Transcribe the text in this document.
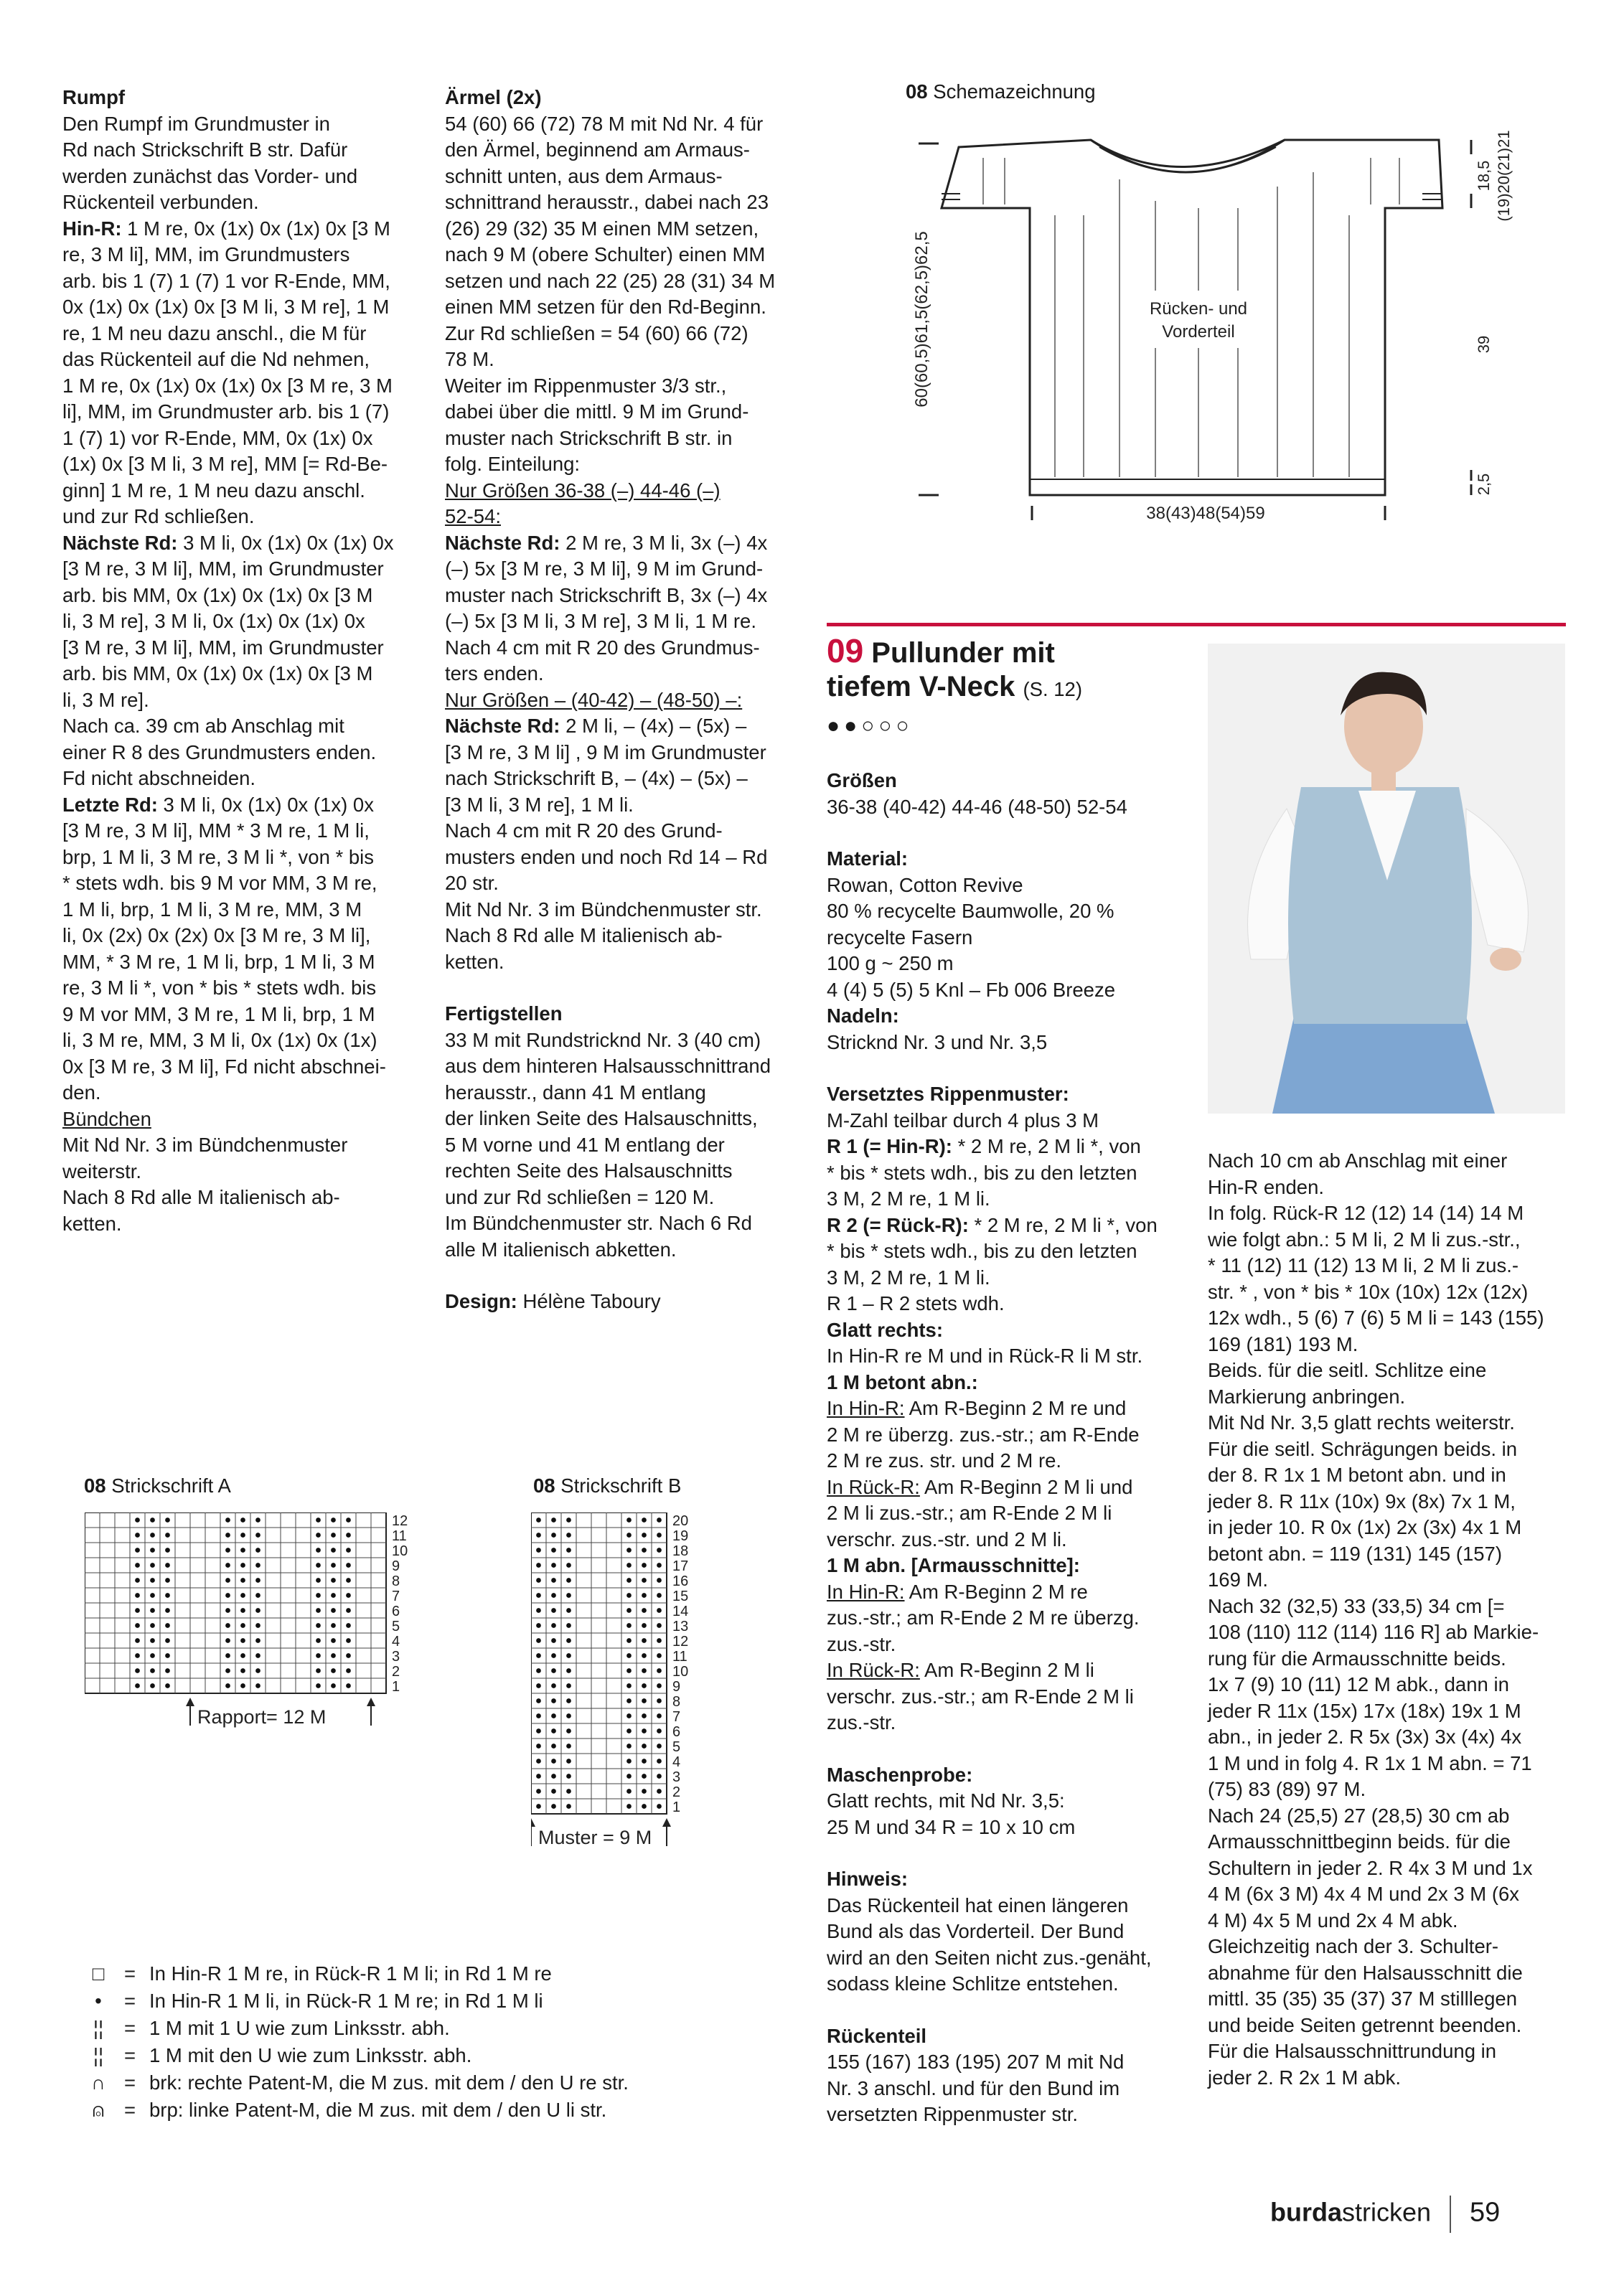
Rumpf

Den Rumpf im Grundmuster in

Rd nach Strickschrift B str. Dafür

werden zunächst das Vorder- und

Rückenteil verbunden.

Hin-R: 1 M re, 0x (1x) 0x (1x) 0x [3 M

re, 3 M li], MM, im Grundmusters

arb. bis 1 (7) 1 (7) 1 vor R-Ende, MM,

0x (1x) 0x (1x) 0x [3 M li, 3 M re], 1 M

re, 1 M neu dazu anschl., die M für

das Rückenteil auf die Nd nehmen,

1 M re, 0x (1x) 0x (1x) 0x [3 M re, 3 M

li], MM, im Grundmuster arb. bis 1 (7)

1 (7) 1) vor R-Ende, MM, 0x (1x) 0x

(1x) 0x [3 M li, 3 M re], MM [= Rd-Be-

ginn] 1 M re, 1 M neu dazu anschl.

und zur Rd schließen.

Nächste Rd: 3 M li, 0x (1x) 0x (1x) 0x

[3 M re, 3 M li], MM, im Grundmuster

arb. bis MM, 0x (1x) 0x (1x) 0x [3 M

li, 3 M re], 3 M li, 0x (1x) 0x (1x) 0x

[3 M re, 3 M li], MM, im Grundmuster

arb. bis MM, 0x (1x) 0x (1x) 0x [3 M

li, 3 M re].

Nach ca. 39 cm ab Anschlag mit

einer R 8 des Grundmusters enden.

Fd nicht abschneiden.

Letzte Rd: 3 M li, 0x (1x) 0x (1x) 0x

[3 M re, 3 M li], MM * 3 M re, 1 M li,

brp, 1 M li, 3 M re, 3 M li *, von * bis

* stets wdh. bis 9 M vor MM, 3 M re,

1 M li, brp, 1 M li, 3 M re, MM, 3 M

li, 0x (2x) 0x (2x) 0x [3 M re, 3 M li],

MM, * 3 M re, 1 M li, brp, 1 M li, 3 M

re, 3 M li *, von * bis * stets wdh. bis

9 M vor MM, 3 M re, 1 M li, brp, 1 M

li, 3 M re, MM, 3 M li, 0x (1x) 0x (1x)

0x [3 M re, 3 M li], Fd nicht abschnei-

den.

Bündchen

Mit Nd Nr. 3 im Bündchenmuster

weiterstr.

Nach 8 Rd alle M italienisch ab-

ketten.

Ärmel (2x)

54 (60) 66 (72) 78 M mit Nd Nr. 4 für

den Ärmel, beginnend am Armaus-

schnitt unten, aus dem Armaus-

schnittrand herausstr., dabei nach 23

(26) 29 (32) 35 M einen MM setzen,

nach 9 M (obere Schulter) einen MM

setzen und nach 22 (25) 28 (31) 34 M

einen MM setzen für den Rd-Beginn.

Zur Rd schließen = 54 (60) 66 (72)

78 M.

Weiter im Rippenmuster 3/3 str.,

dabei über die mittl. 9 M im Grund-

muster nach Strickschrift B str. in

folg. Einteilung:

Nur Größen 36-38 (–) 44-46 (–)

52-54:

Nächste Rd: 2 M re, 3 M li, 3x (–) 4x

(–) 5x [3 M re, 3 M li], 9 M im Grund-

muster nach Strickschrift B, 3x (–) 4x

(–) 5x [3 M li, 3 M re], 3 M li, 1 M re.

Nach 4 cm mit R 20 des Grundmus-

ters enden.

Nur Größen – (40-42) – (48-50) –:

Nächste Rd: 2 M li, – (4x) – (5x) –

[3 M re, 3 M li] , 9 M im Grundmuster

nach Strickschrift B, – (4x) – (5x) –

[3 M li, 3 M re], 1 M li.

Nach 4 cm mit R 20 des Grund-

musters enden und noch Rd 14 – Rd

20 str.

Mit Nd Nr. 3 im Bündchenmuster str.

Nach 8 Rd alle M italienisch ab-

ketten.

Fertigstellen

33 M mit Rundstricknd Nr. 3 (40 cm)

aus dem hinteren Halsausschnittrand

herausstr., dann 41 M entlang

der linken Seite des Halsauschnitts,

5 M vorne und 41 M entlang der

rechten Seite des Halsauschnitts

und zur Rd schließen = 120 M.

Im Bündchenmuster str. Nach 6 Rd

alle M italienisch abketten.

Design: Hélène Taboury

Größen

36-38 (40-42) 44-46 (48-50) 52-54

Material:

Rowan, Cotton Revive

80 % recycelte Baumwolle, 20 %

recycelte Fasern

100 g ~ 250 m

4 (4) 5 (5) 5 Knl – Fb 006 Breeze

Nadeln:

Stricknd Nr. 3 und Nr. 3,5

Versetztes Rippenmuster:

M-Zahl teilbar durch 4 plus 3 M

R 1 (= Hin-R): * 2 M re, 2 M li *, von

* bis * stets wdh., bis zu den letzten

3 M, 2 M re, 1 M li.

R 2 (= Rück-R): * 2 M re, 2 M li *, von

* bis * stets wdh., bis zu den letzten

3 M, 2 M re, 1 M li.

R 1 – R 2 stets wdh.

Glatt rechts:

In Hin-R re M und in Rück-R li M str.

1 M betont abn.:

In Hin-R: Am R-Beginn 2 M re und

2 M re überzg. zus.-str.; am R-Ende

2 M re zus. str. und 2 M re.

In Rück-R: Am R-Beginn 2 M li und

2 M li zus.-str.; am R-Ende 2 M li

verschr. zus.-str. und 2 M li.

1 M abn. [Armausschnitte]:

In Hin-R: Am R-Beginn 2 M re

zus.-str.; am R-Ende 2 M re überzg.

zus.-str.

In Rück-R: Am R-Beginn 2 M li

verschr. zus.-str.; am R-Ende 2 M li

zus.-str.

Maschenprobe:

Glatt rechts, mit Nd Nr. 3,5:

25 M und 34 R = 10 x 10 cm

Hinweis:

Das Rückenteil hat einen längeren

Bund als das Vorderteil. Der Bund

wird an den Seiten nicht zus.-genäht,

sodass kleine Schlitze entstehen.

Rückenteil

155 (167) 183 (195) 207 M mit Nd

Nr. 3 anschl. und für den Bund im

versetzten Rippenmuster str.

Nach 10 cm ab Anschlag mit einer

Hin-R enden.

In folg. Rück-R 12 (12) 14 (14) 14 M

wie folgt abn.: 5 M li, 2 M li zus.-str.,

* 11 (12) 11 (12) 13 M li, 2 M li zus.-

str. * , von * bis * 10x (10x) 12x (12x)

12x wdh., 5 (6) 7 (6) 5 M li = 143 (155)

169 (181) 193 M.

Beids. für die seitl. Schlitze eine

Markierung anbringen.

Mit Nd Nr. 3,5 glatt rechts weiterstr.

Für die seitl. Schrägungen beids. in

der 8. R 1x 1 M betont abn. und in

jeder 8. R 11x (10x) 9x (8x) 7x 1 M,

in jeder 10. R 0x (1x) 2x (3x) 4x 1 M

betont abn. = 119 (131) 145 (157)

169 M.

Nach 32 (32,5) 33 (33,5) 34 cm [=

108 (110) 112 (114) 116 R] ab Markie-

rung für die Armausschnitte beids.

1x 7 (9) 10 (11) 12 M abk., dann in

jeder R 11x (15x) 17x (18x) 19x 1 M

abn., in jeder 2. R 5x (3x) 3x (4x) 4x

1 M und in folg 4. R 1x 1 M abn. = 71

(75) 83 (89) 97 M.

Nach 24 (25,5) 27 (28,5) 30 cm ab

Armausschnittbeginn beids. für die

Schultern in jeder 2. R 4x 3 M und 1x

4 M (6x 3 M) 4x 4 M und 2x 3 M (6x

4 M) 4x 5 M und 2x 4 M abk.

Gleichzeitig nach der 3. Schulter-

abnahme für den Halsausschnitt die

mittl. 35 (35) 35 (37) 37 M stilllegen

und beide Seiten getrennt beenden.

Für die Halsausschnittrundung in

jeder 2. R 2x 1 M abk.

08 Schemazeichnung
Rücken- und
Vorderteil
38(43)48(54)59
60(60,5)61,5(62,5)62,5
18,5 (19)20(21)21
39
2,5
09 Pullunder mit
tiefem V-Neck (S. 12)
●●○○○
08 Strickschrift A
12
11
10
9
8
7
6
5
4
3
2
1
Rapport= 12 M
08 Strickschrift B
20
19
18
17
16
15
14
13
12
11
10
9
8
7
6
5
4
3
2
1
Muster = 9 M
□	= In Hin-R 1 M re, in Rück-R 1 M li; in Rd 1 M re
•	= In Hin-R 1 M li, in Rück-R 1 M re; in Rd 1 M li
¦¦	= 1 M mit 1 U wie zum Linksstr. abh.
¦¦	= 1 M mit den U wie zum Linksstr. abh.
∩ = brk: rechte Patent-M, die M zus. mit dem / den U re str.
⍝	= brp: linke Patent-M, die M zus. mit dem / den U li str.
burdastricken 59
